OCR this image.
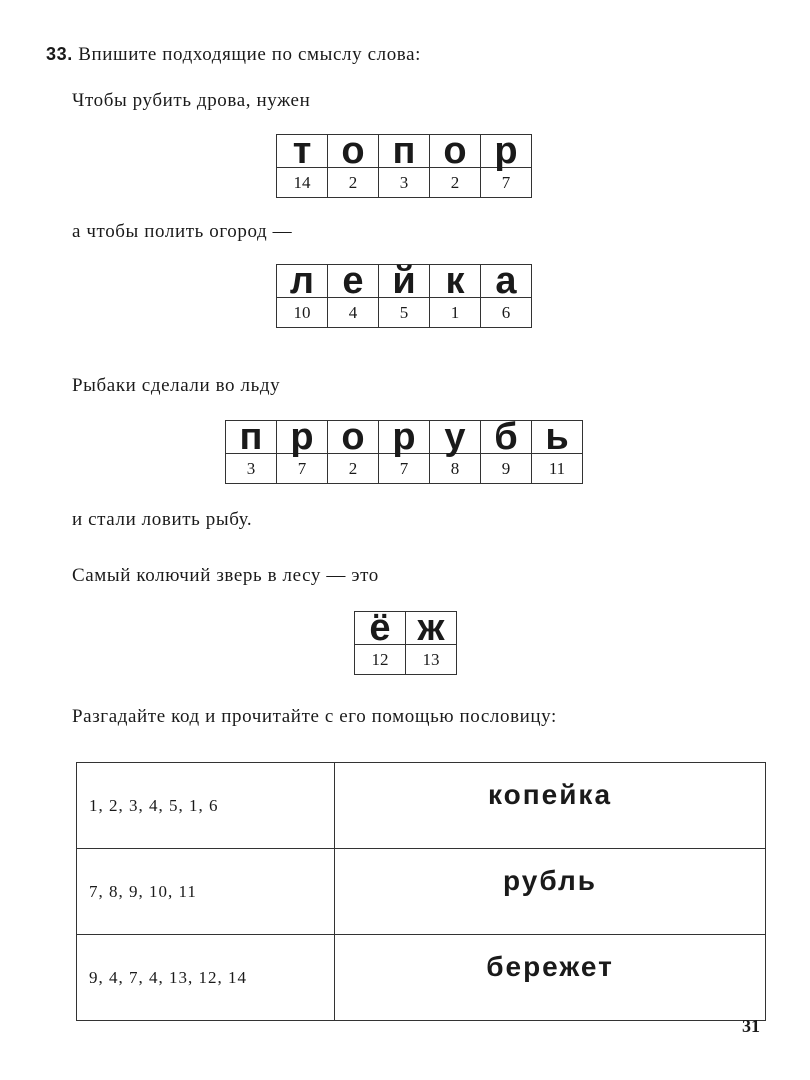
33. Впишите подходящие по смыслу слова:
Чтобы рубить дрова, нужен
т	о	п	о	р
14	2	3	2	7
а чтобы полить огород —
л	е	й	к	а
10	4	5	1	6
Рыбаки сделали во льду
п	р	о	р	у	б	ь
3	7	2	7	8	9	11
и стали ловить рыбу.
Самый колючий зверь в лесу — это
ё	ж
12	13
Разгадайте код и прочитайте с его помощью пословицу:
1, 2, 3, 4, 5, 1, 6	копейка
7, 8, 9, 10, 11	рубль
9, 4, 7, 4, 13, 12, 14	бережет
31
